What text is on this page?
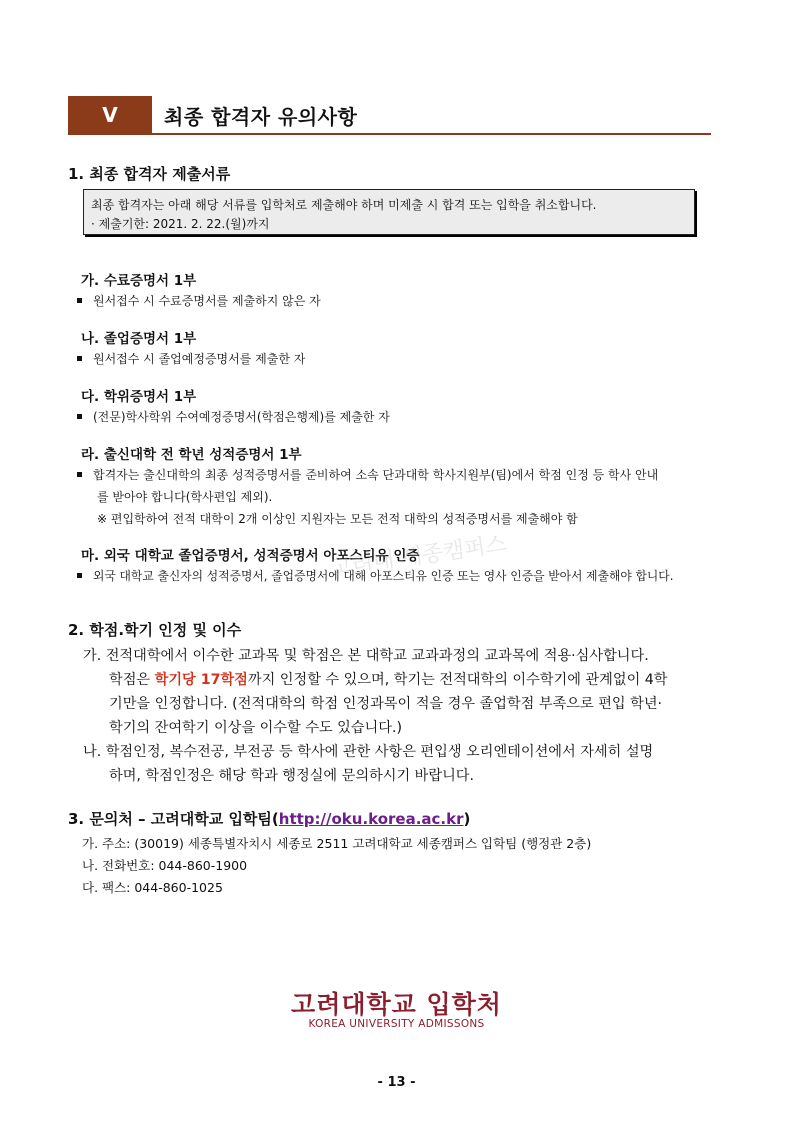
Ⅴ	최종 합격자 유의사항
1. 최종 합격자 제출서류
최종 합격자는 아래 해당 서류를 입학처로 제출해야 하며 미제출 시 합격 또는 입학을 취소합니다.
· 제출기한: 2021. 2. 22.(월)까지
가. 수료증명서 1부
원서접수 시 수료증명서를 제출하지 않은 자
나. 졸업증명서 1부
원서접수 시 졸업예정증명서를 제출한 자
다. 학위증명서 1부
(전문)학사학위 수여예정증명서(학점은행제)를 제출한 자
라. 출신대학 전 학년 성적증명서 1부
합격자는 출신대학의 최종 성적증명서를 준비하여 소속 단과대학 학사지원부(팀)에서 학점 인정 등 학사 안내
를 받아야 합니다(학사편입 제외).
※ 편입학하여 전적 대학이 2개 이상인 지원자는 모든 전적 대학의 성적증명서를 제출해야 함
고려대 세종캠퍼스
마. 외국 대학교 졸업증명서, 성적증명서 아포스티유 인증
외국 대학교 출신자의 성적증명서, 졸업증명서에 대해 아포스티유 인증 또는 영사 인증을 받아서 제출해야 합니다.
2. 학점.학기 인정 및 이수
가. 전적대학에서 이수한 교과목 및 학점은 본 대학교 교과과정의 교과목에 적용·심사합니다.
학점은 학기당 17학점까지 인정할 수 있으며, 학기는 전적대학의 이수학기에 관계없이 4학
기만을 인정합니다. (전적대학의 학점 인정과목이 적을 경우 졸업학점 부족으로 편입 학년·
학기의 잔여학기 이상을 이수할 수도 있습니다.)
나. 학점인정, 복수전공, 부전공 등 학사에 관한 사항은 편입생 오리엔테이션에서 자세히 설명
하며, 학점인정은 해당 학과 행정실에 문의하시기 바랍니다.
3. 문의처 – 고려대학교 입학팀(http://oku.korea.ac.kr)
가. 주소: (30019) 세종특별자치시 세종로 2511 고려대학교 세종캠퍼스 입학팀 (행정관 2층)
나. 전화번호: 044-860-1900
다. 팩스: 044-860-1025
고려대학교 입학처
KOREA UNIVERSITY ADMISSONS
- 13 -
